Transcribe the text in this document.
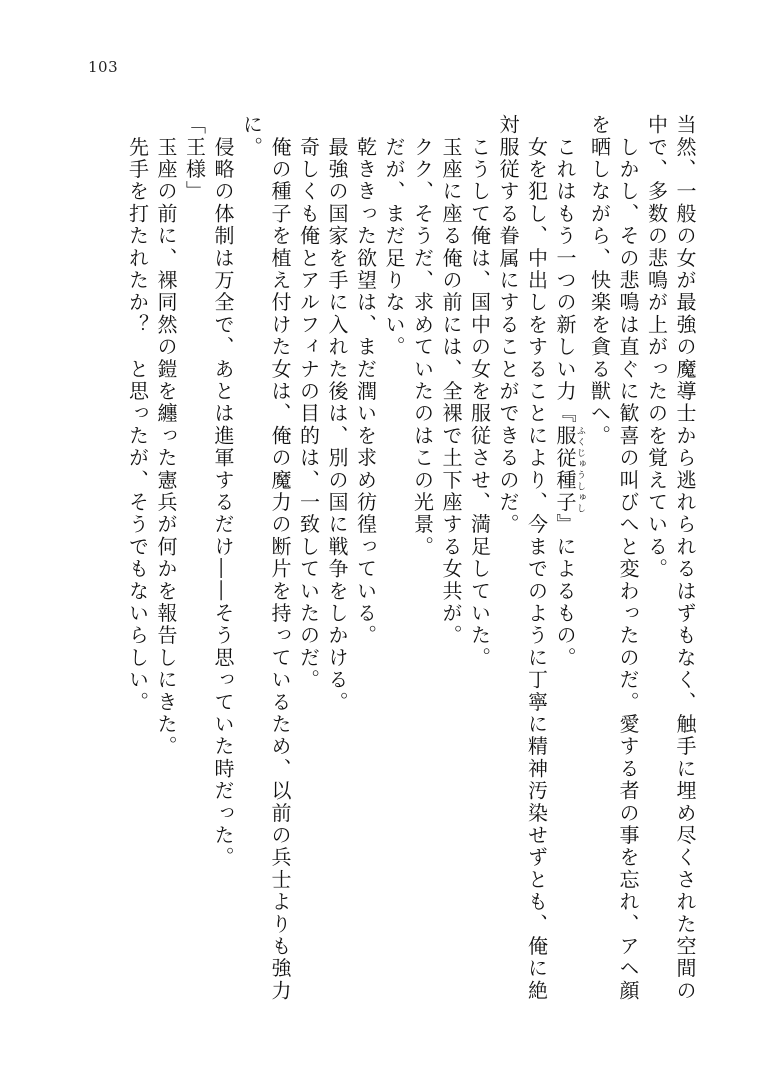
103

当然、一般の女が最強の魔導士から逃れられるはずもなく、触手に埋め尽くされた空間の中で、多数の悲鳴が上がったのを覚えている。

　しかし、その悲鳴は直ぐに歓喜の叫びへと変わったのだ。愛する者の事を忘れ、アヘ顔を晒しながら、快楽を貪る獣へ。

　これはもう一つの新しい力『服従種子ふくじゅうしゅし』によるもの。

　女を犯し、中出しをすることにより、今までのように丁寧に精神汚染せずとも、俺に絶対服従する眷属にすることができるのだ。

　こうして俺は、国中の女を服従させ、満足していた。

　玉座に座る俺の前には、全裸で土下座する女共が。

　クク、そうだ、求めていたのはこの光景。

　だが、まだ足りない。

　乾ききった欲望は、まだ潤いを求め彷徨っている。

　最強の国家を手に入れた後は、別の国に戦争をしかける。

　奇しくも俺とアルフィナの目的は、一致していたのだ。

　俺の種子を植え付けた女は、俺の魔力の断片を持っているため、以前の兵士よりも強力に。

　侵略の体制は万全で、あとは進軍するだけ――そう思っていた時だった。

「王様」

　玉座の前に、裸同然の鎧を纏った憲兵が何かを報告しにきた。

　先手を打たれたか？　と思ったが、そうでもないらしい。
